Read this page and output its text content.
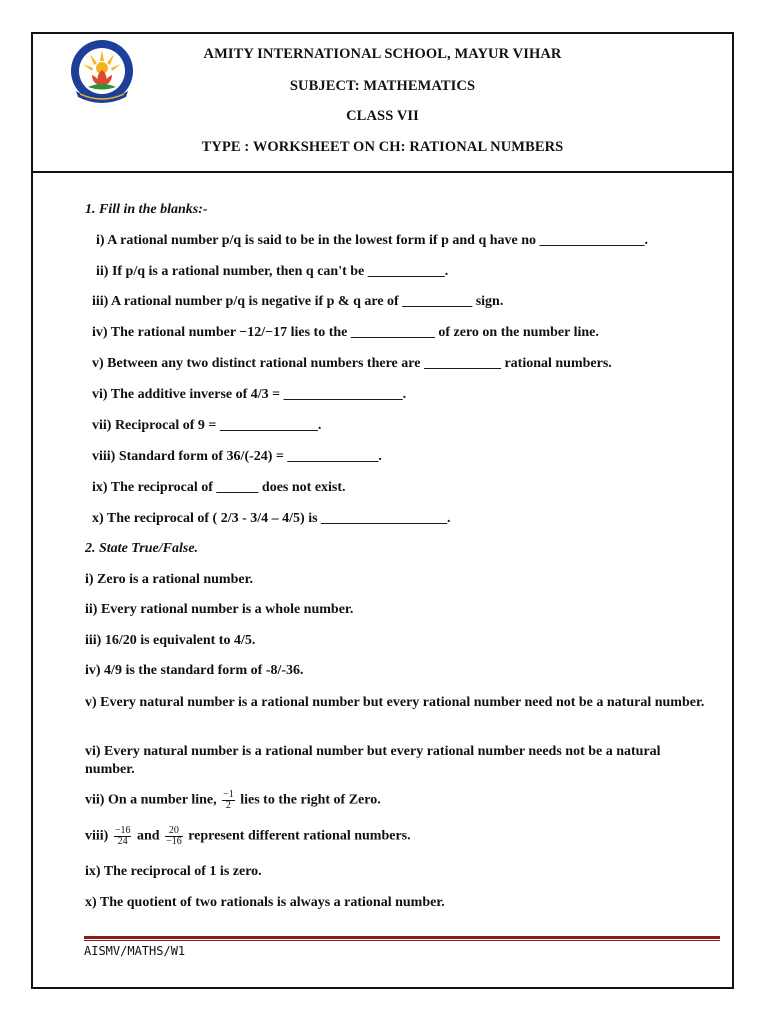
AMITY INTERNATIONAL SCHOOL, MAYUR VIHAR
SUBJECT: MATHEMATICS
CLASS VII
TYPE : WORKSHEET ON CH: RATIONAL NUMBERS
1. Fill in the blanks:-
i) A rational number p/q is said to be in the lowest form if p and q have no _______________.
ii) If p/q is a rational number, then q can't be ___________.
iii) A rational number p/q is negative if p & q are of __________ sign.
iv) The rational number −12/−17 lies to the ____________ of zero on the number line.
v) Between any two distinct rational numbers there are ___________ rational numbers.
vi) The additive inverse of 4/3 = _________________.
vii) Reciprocal of 9 = ______________.
viii) Standard form of 36/(-24) = _____________.
ix) The reciprocal of ______ does not exist.
x) The reciprocal of ( 2/3 - 3/4 – 4/5) is __________________.
2. State True/False.
i) Zero is a rational number.
ii) Every rational number is a whole number.
iii) 16/20 is equivalent to 4/5.
iv) 4/9 is the standard form of -8/-36.
v) Every natural number is a rational number but every rational number need not be a natural number.
vi) Every natural number is a rational number but every rational number needs not be a natural number.
vii) On a number line, $\frac{-1}{2}$ lies to the right of Zero.
viii) $\frac{-16}{24}$ and $\frac{20}{-16}$ represent different rational numbers.
ix) The reciprocal of 1 is zero.
x) The quotient of two rationals is always a rational number.
AISMV/MATHS/W1
